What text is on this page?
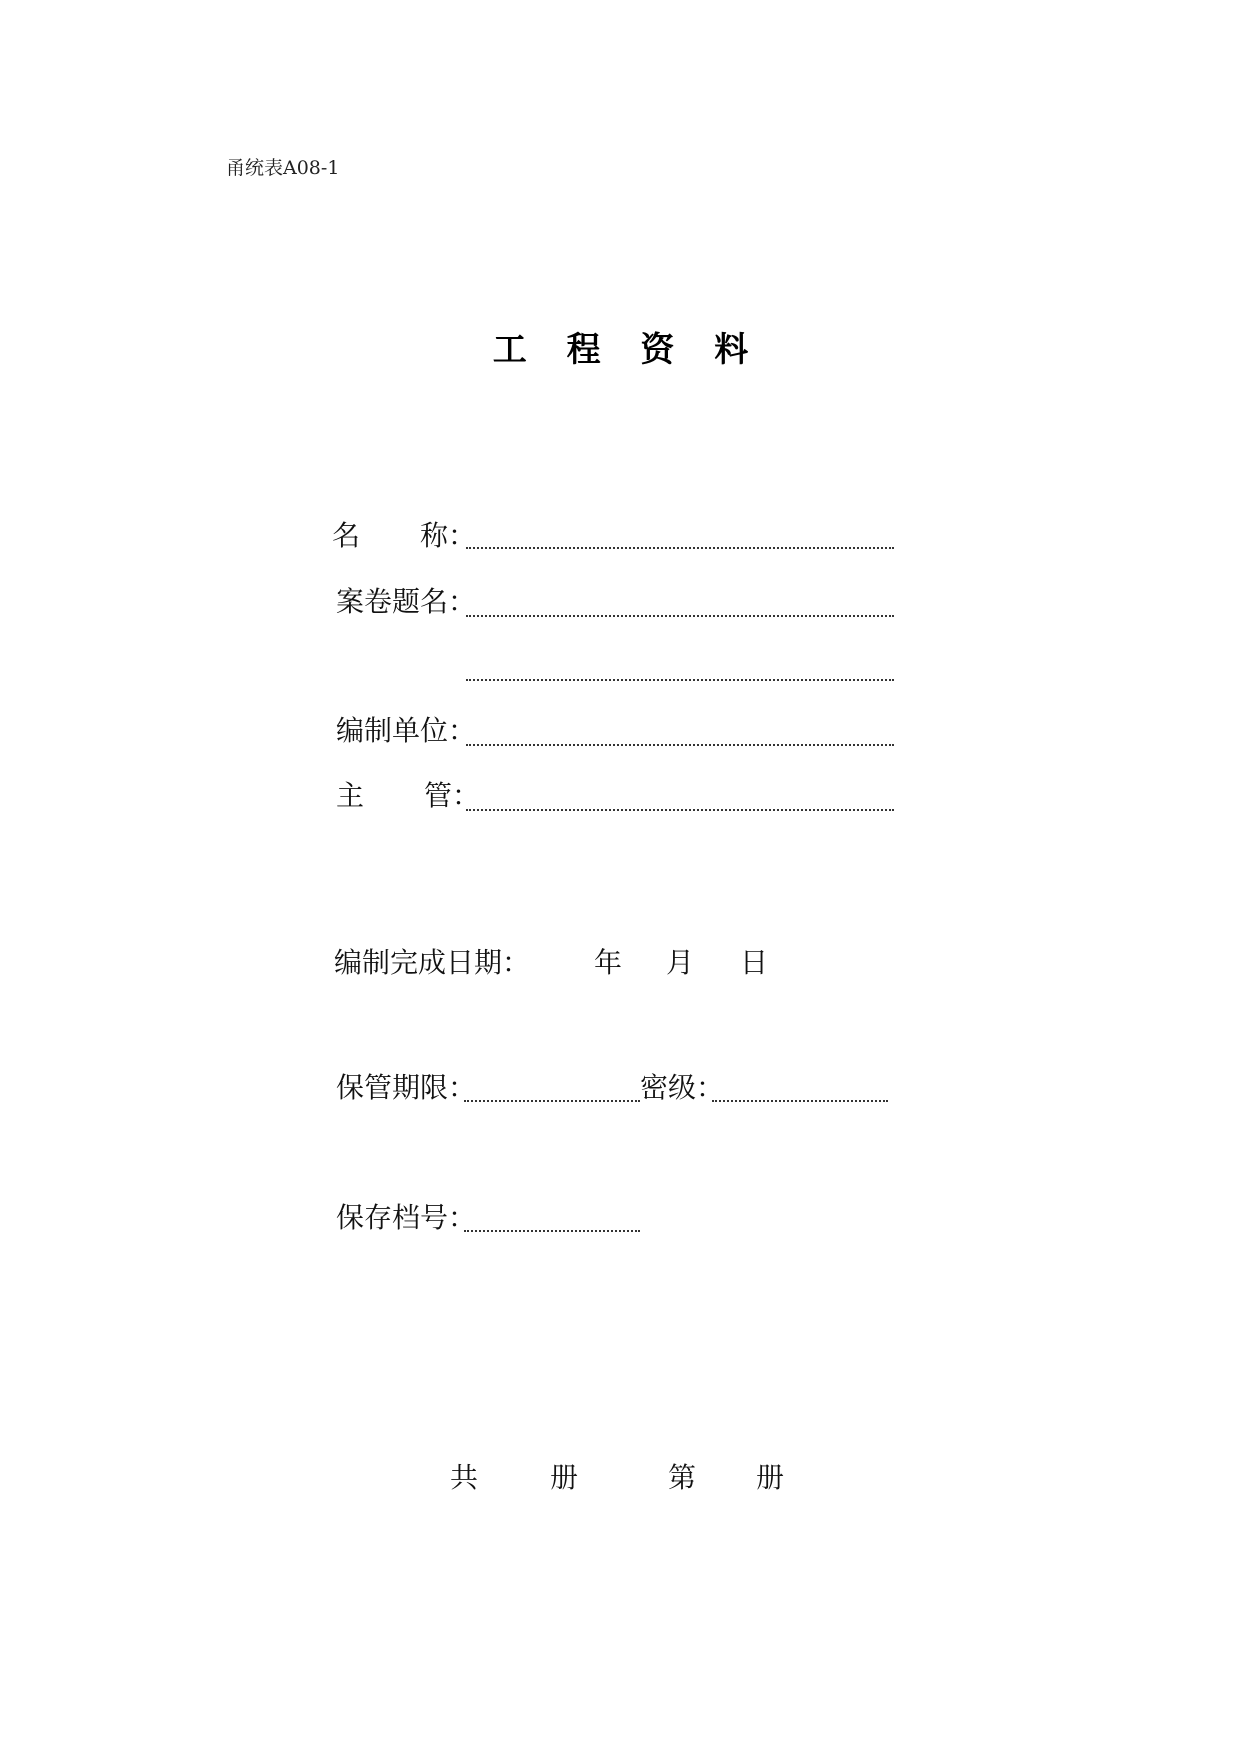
甬统表A08-1
工 程 资 料
名 称：
案卷题名：
编制单位：
主 管：
编制完成日期： 年 月 日
保管期限：	密级：
保存档号：
共	册	第 册
